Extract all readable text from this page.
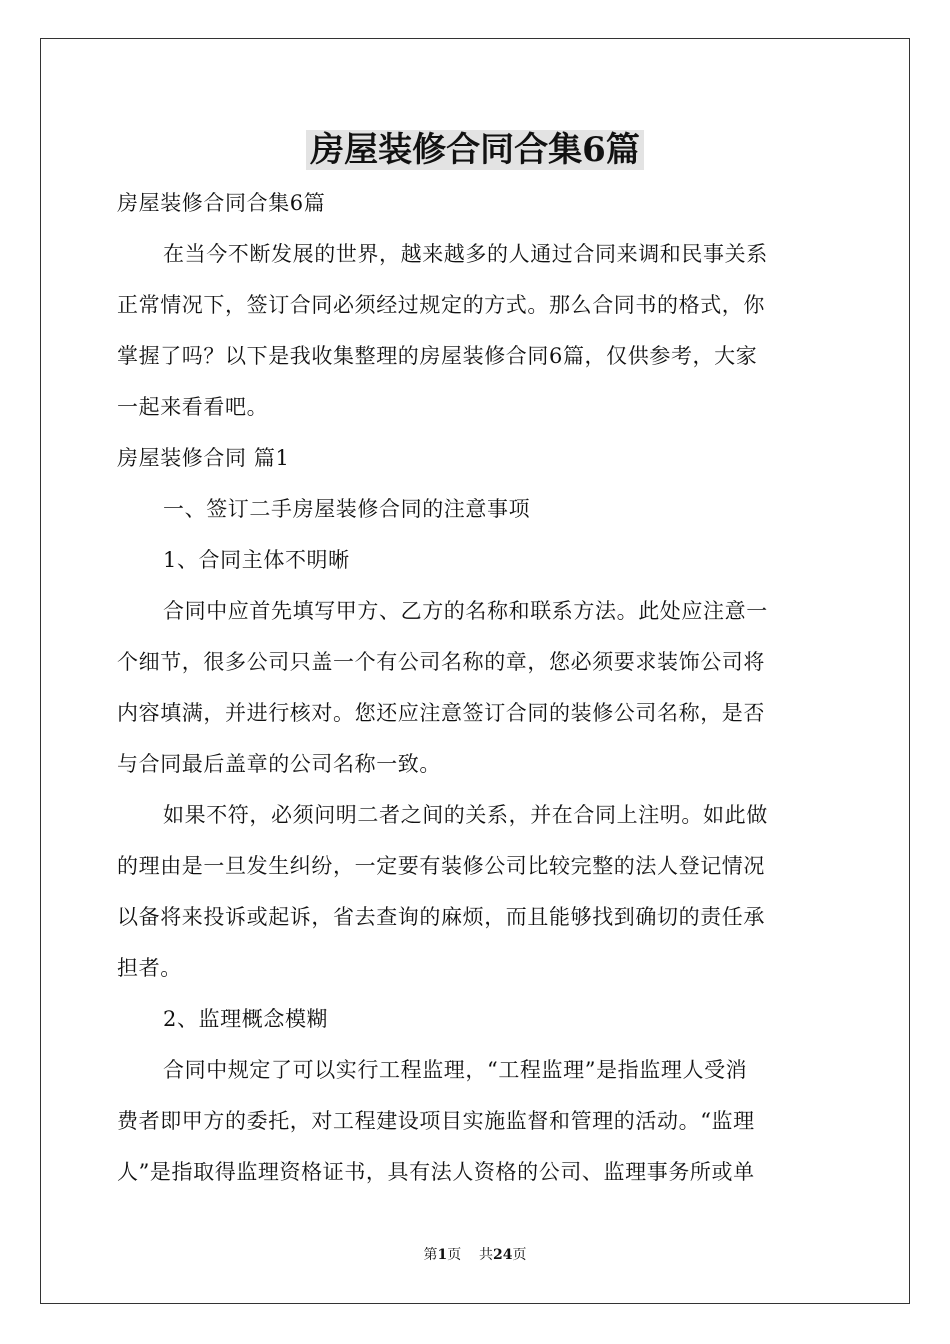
房屋装修合同合集6篇
房屋装修合同合集6篇
在当今不断发展的世界，越来越多的人通过合同来调和民事关系
正常情况下，签订合同必须经过规定的方式。那么合同书的格式，你
掌握了吗？以下是我收集整理的房屋装修合同6篇，仅供参考，大家
一起来看看吧。
房屋装修合同 篇1
一、签订二手房屋装修合同的注意事项
1、合同主体不明晰
合同中应首先填写甲方、乙方的名称和联系方法。此处应注意一
个细节，很多公司只盖一个有公司名称的章，您必须要求装饰公司将
内容填满，并进行核对。您还应注意签订合同的装修公司名称，是否
与合同最后盖章的公司名称一致。
如果不符，必须问明二者之间的关系，并在合同上注明。如此做
的理由是一旦发生纠纷，一定要有装修公司比较完整的法人登记情况
以备将来投诉或起诉，省去查询的麻烦，而且能够找到确切的责任承
担者。
2、监理概念模糊
合同中规定了可以实行工程监理，“工程监理”是指监理人受消
费者即甲方的委托，对工程建设项目实施监督和管理的活动。“监理
人”是指取得监理资格证书，具有法人资格的公司、监理事务所或单
第1页    共24页
